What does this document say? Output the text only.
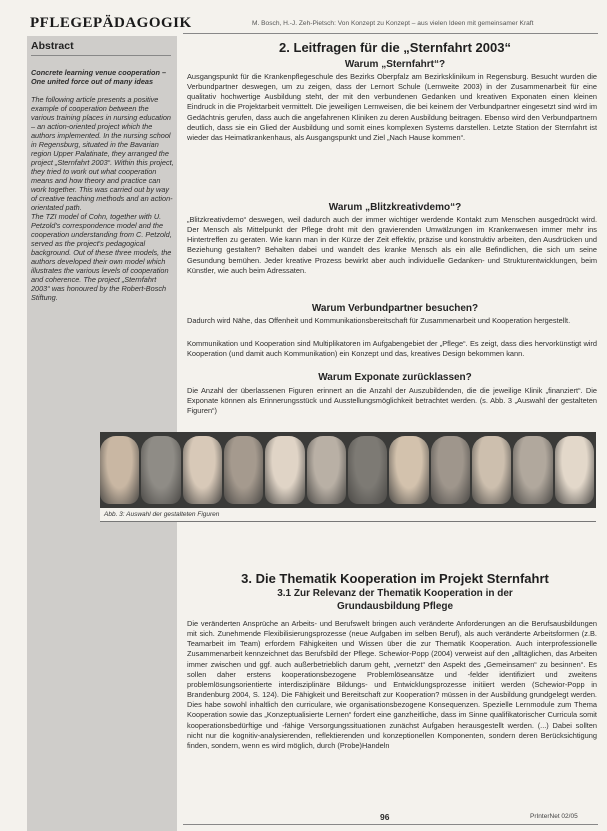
PFLEGEPÄDAGOGIK	M. Bosch, H.-J. Zeh-Pietsch: Von Konzept zu Konzept – aus vielen Ideen mit gemeinsamer Kraft
Abstract

Concrete learning venue cooperation – One united force out of many ideas

The following article presents a positive example of cooperation between the various training places in nursing education – an action-oriented project which the authors implemented. In the nursing school in Regensburg, situated in the Bavarian region Upper Palatinate, they arranged the project „Sternfahrt 2003“. Within this project, they tried to work out what cooperation means and how theory and practice can work together. This was carried out by way of creative teaching methods and an action-orientated path.

The TZI model of Cohn, together with U. Petzold's correspondence model and the cooperation understanding from C. Petzold, served as the project's pedagogical background. Out of these three models, the authors developed their own model which illustrates the various levels of cooperation and coherence. The project „Sternfahrt 2003“ was honoured by the Robert-Bosch Stiftung.

2. Leitfragen für die „Sternfahrt 2003“
Warum „Sternfahrt“?
Ausgangspunkt für die Krankenpflegeschule des Bezirks Oberpfalz am Bezirksklinikum in Regensburg. Besucht wurden die Verbundpartner deswegen, um zu zeigen, dass der Lernort Schule (Lernweite 2003) in der Zusammenarbeit für eine qualitativ hochwertige Ausbildung steht, der mit den verbundenen Gedanken und kreativen Exponaten einen kleinen Eindruck in die Projektarbeit vermittelt. Die jeweiligen Lernweisen, die bei keinem der Verbundpartner eingesetzt sind wird im Gedächtnis gerufen, dass auch die angefahrenen Kliniken zu deren Ausbildung beitragen. Ebenso wird den Verbundpartnern deutlich, dass sie ein Glied der Ausbildung und somit eines komplexen Systems darstellen. Letzte Station der Sternfahrt ist wieder das Heimatkrankenhaus, als Ausgangspunkt und Ziel „Nach Hause kommen“.
Warum „Blitzkreativdemo“?
„Blitzkreativdemo“ deswegen, weil dadurch auch der immer wichtiger werdende Kontakt zum Menschen ausgedrückt wird. Der Mensch als Mittelpunkt der Pflege droht mit den gravierenden Umwälzungen im Krankenwesen immer mehr ins Hintertreffen zu geraten. Wie kann man in der Kürze der Zeit effektiv, präzise und konstruktiv arbeiten, den Ausdrücken und Beziehung gestalten? Behalten dabei und wandelt des kranke Mensch als ein alle Befindlichen, die sich um seine Gesundung bemühen. Jeder kreative Prozess bewirkt aber auch individuelle Gedanken- und Strukturentwicklungen, beim Künstler, wie auch beim Adressaten.
Warum Verbundpartner besuchen?
Dadurch wird Nähe, das Offenheit und Kommunikationsbereitschaft für Zusammenarbeit und Kooperation hergestellt.
Kommunikation und Kooperation sind Multiplikatoren im Aufgabengebiet der „Pflege“. Es zeigt, dass dies hervorkünstigt wird Kooperation (und damit auch Kommunikation) ein Konzept und das, kreatives Design bekommen kann.
Warum Exponate zurücklassen?
Die Anzahl der überlassenen Figuren erinnert an die Anzahl der Auszubildenden, die die jeweilige Klinik „finanziert“. Die Exponate können als Erinnerungsstück und Ausstellungsmöglichkeit betrachtet werden. (s. Abb. 3 „Auswahl der gestalteten Figuren“)
Abb. 3: Auswahl der gestalteten Figuren
3. Die Thematik Kooperation im Projekt Sternfahrt
3.1 Zur Relevanz der Thematik Kooperation in der
Grundausbildung Pflege
Die veränderten Ansprüche an Arbeits- und Berufswelt bringen auch veränderte Anforderungen an die Berufsausbildungen mit sich. Zunehmende Flexibilisierungsprozesse (neue Aufgaben im selben Beruf), als auch veränderte Arbeitsformen (z.B. Teamarbeit im Team) erfordern Fähigkeiten und Wissen über die zur Thematik Kooperation. Auch interprofessionelle Zusammenarbeit kennzeichnet das Berufsbild der Pflege. Schewior-Popp (2004) verweist auf den „alltäglichen, das Arbeiten immer zwischen und ggf. auch außerbetrieblich darum geht, „vernetzt“ den Aspekt des „Gemeinsamen“ zu besinnen“. Es sollen daher erstens kooperationsbezogene Problemlöseansätze und -felder identifiziert und zweitens problemlösungsorientierte interdisziplinäre Bildungs- und Entwicklungsprozesse initiiert werden (Schewior-Popp in Brandenburg 2004, S. 124). Die Fähigkeit und Bereitschaft zur Kooperation? müssen in der Ausbildung grundgelegt werden. Dies habe sowohl inhaltlich den curriculare, wie organisationsbezogene Konsequenzen. Spezielle Lernmodule zum Thema Kooperation sowie das „Konzeptualisierte Lernen“ fordert eine ganzheitliche, dass im Sinne qualifikatorischer Curricula somit kooperationsbedürftige und -fähige Versorgungssituationen zunächst Aufgaben herausgestellt werden. (...) Dabei sollten nicht nur die kognitiv-analysierenden, reflektierenden und konzeptionellen Komponenten, sondern deren Berücksichtigung finden, sondern, wenn es wird möglich, durch (Probe)Handeln
96	PrInterNet 02/05
